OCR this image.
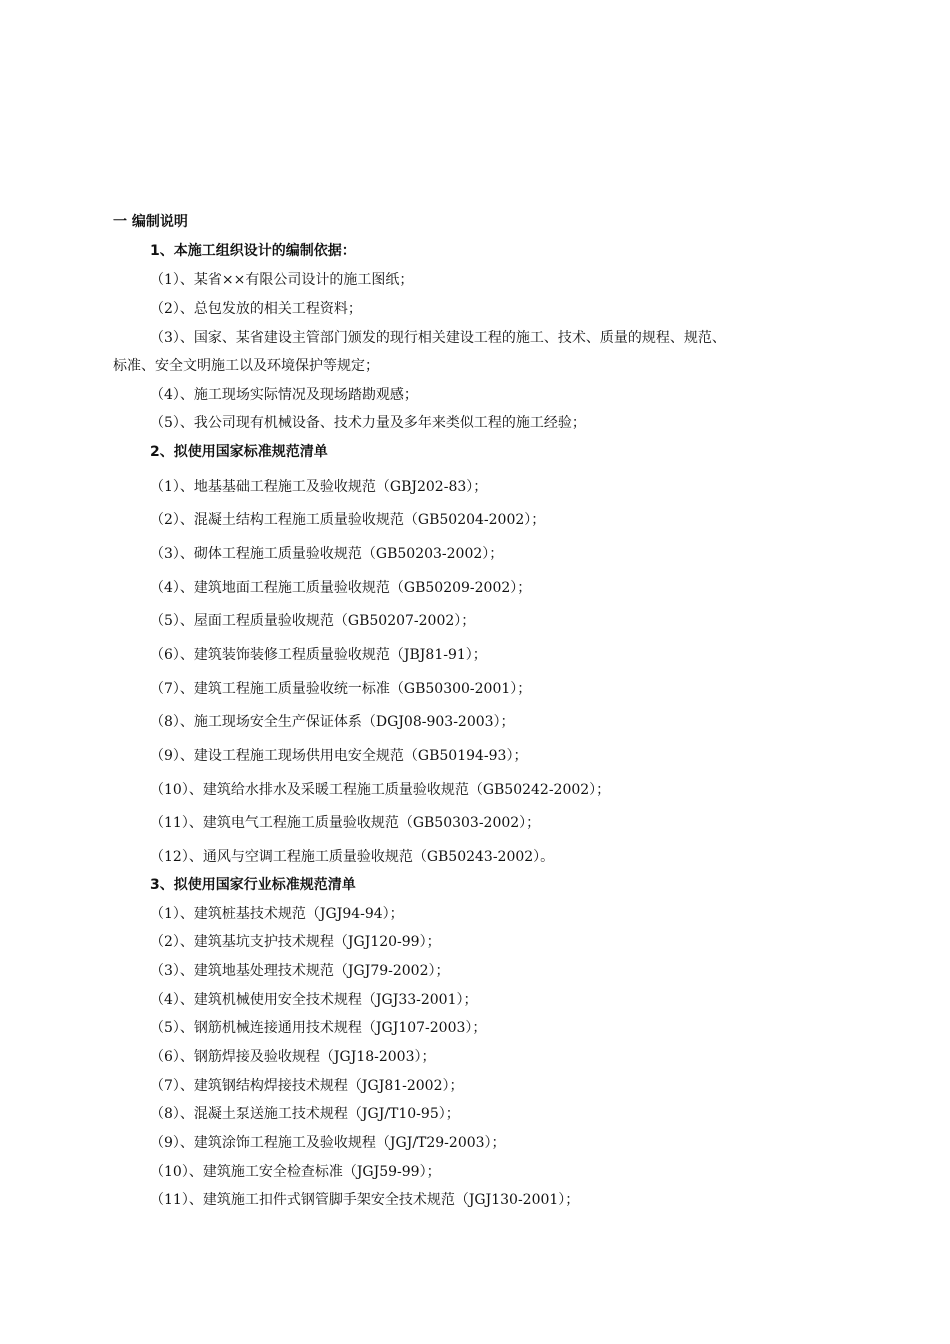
一 编制说明
1、本施工组织设计的编制依据：
（1）、某省××有限公司设计的施工图纸；
（2）、总包发放的相关工程资料；
（3）、国家、某省建设主管部门颁发的现行相关建设工程的施工、技术、质量的规程、规范、
标准、安全文明施工以及环境保护等规定；
（4）、施工现场实际情况及现场踏勘观感；
（5）、我公司现有机械设备、技术力量及多年来类似工程的施工经验；
2、拟使用国家标准规范清单
（1）、地基基础工程施工及验收规范（GBJ202-83）；
（2）、混凝土结构工程施工质量验收规范（GB50204-2002）；
（3）、砌体工程施工质量验收规范（GB50203-2002）；
（4）、建筑地面工程施工质量验收规范（GB50209-2002）；
（5）、屋面工程质量验收规范（GB50207-2002）；
（6）、建筑装饰装修工程质量验收规范（JBJ81-91）；
（7）、建筑工程施工质量验收统一标准（GB50300-2001）；
（8）、施工现场安全生产保证体系（DGJ08-903-2003）；
（9）、建设工程施工现场供用电安全规范（GB50194-93）；
（10）、建筑给水排水及采暖工程施工质量验收规范（GB50242-2002）；
（11）、建筑电气工程施工质量验收规范（GB50303-2002）；
（12）、通风与空调工程施工质量验收规范（GB50243-2002）。
3、拟使用国家行业标准规范清单
（1）、建筑桩基技术规范（JGJ94-94）；
（2）、建筑基坑支护技术规程（JGJ120-99）；
（3）、建筑地基处理技术规范（JGJ79-2002）；
（4）、建筑机械使用安全技术规程（JGJ33-2001）；
（5）、钢筋机械连接通用技术规程（JGJ107-2003）；
（6）、钢筋焊接及验收规程（JGJ18-2003）；
（7）、建筑钢结构焊接技术规程（JGJ81-2002）；
（8）、混凝土泵送施工技术规程（JGJ/T10-95）；
（9）、建筑涂饰工程施工及验收规程（JGJ/T29-2003）；
（10）、建筑施工安全检查标准（JGJ59-99）；
（11）、建筑施工扣件式钢管脚手架安全技术规范（JGJ130-2001）；
